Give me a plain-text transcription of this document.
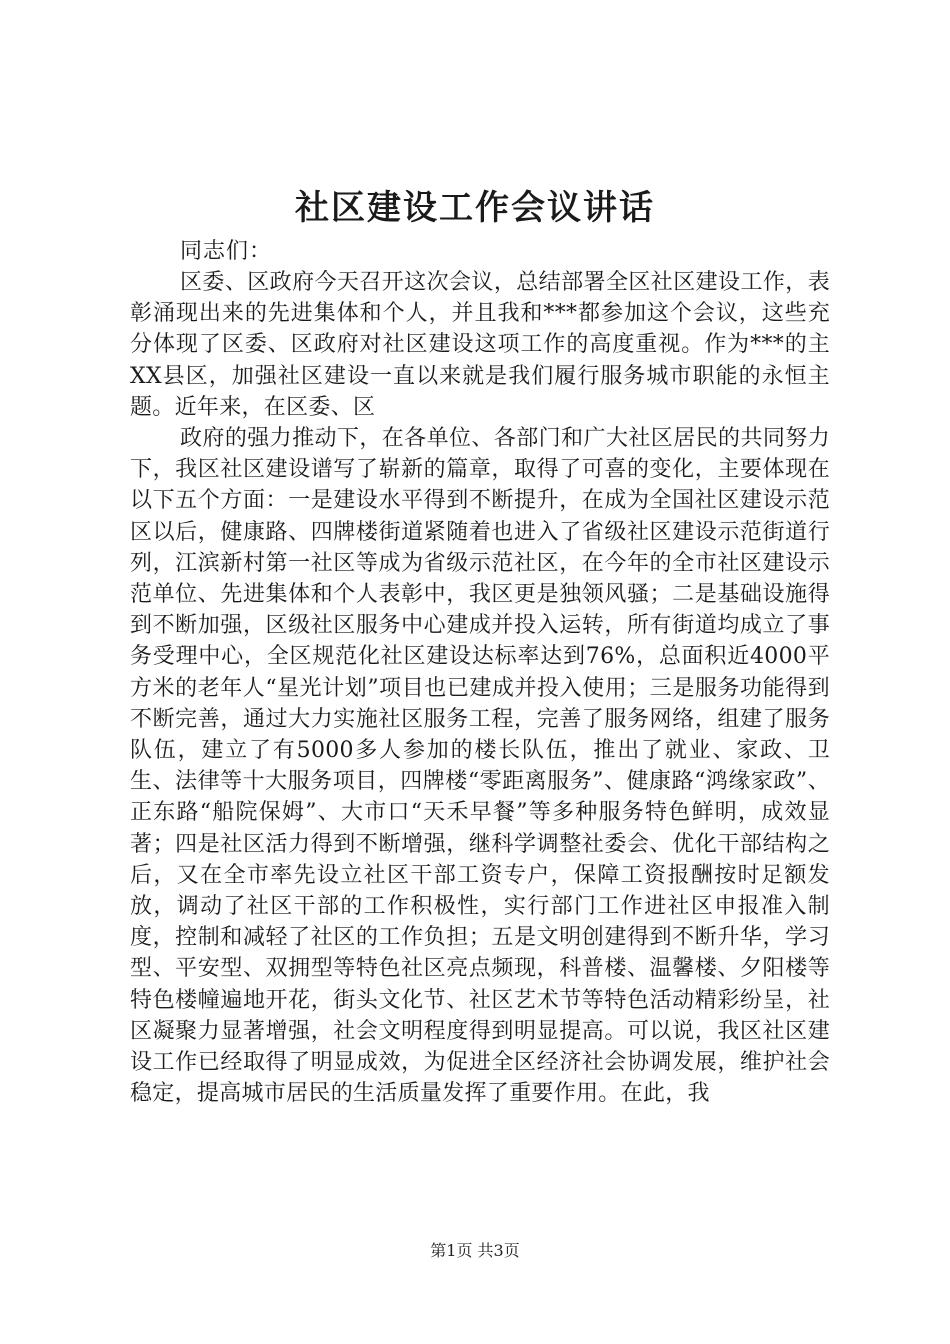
社区建设工作会议讲话

同志们：

区委、区政府今天召开这次会议，总结部署全区社区建设工作，表彰涌现出来的先进集体和个人，并且我和***都参加这个会议，这些充分体现了区委、区政府对社区建设这项工作的高度重视。作为***的主XX县区，加强社区建设一直以来就是我们履行服务城市职能的永恒主题。近年来，在区委、区

政府的强力推动下，在各单位、各部门和广大社区居民的共同努力下，我区社区建设谱写了崭新的篇章，取得了可喜的变化，主要体现在以下五个方面：一是建设水平得到不断提升，在成为全国社区建设示范区以后，健康路、四牌楼街道紧随着也进入了省级社区建设示范街道行列，江滨新村第一社区等成为省级示范社区，在今年的全市社区建设示范单位、先进集体和个人表彰中，我区更是独领风骚；二是基础设施得到不断加强，区级社区服务中心建成并投入运转，所有街道均成立了事务受理中心，全区规范化社区建设达标率达到76%，总面积近4000平方米的老年人“星光计划”项目也已建成并投入使用；三是服务功能得到不断完善，通过大力实施社区服务工程，完善了服务网络，组建了服务队伍，建立了有5000多人参加的楼长队伍，推出了就业、家政、卫生、法律等十大服务项目，四牌楼“零距离服务”、健康路“鸿缘家政”、正东路“船院保姆”、大市口“天禾早餐”等多种服务特色鲜明，成效显著；四是社区活力得到不断增强，继科学调整社委会、优化干部结构之后，又在全市率先设立社区干部工资专户，保障工资报酬按时足额发放，调动了社区干部的工作积极性，实行部门工作进社区申报准入制度，控制和减轻了社区的工作负担；五是文明创建得到不断升华，学习型、平安型、双拥型等特色社区亮点频现，科普楼、温馨楼、夕阳楼等特色楼幢遍地开花，街头文化节、社区艺术节等特色活动精彩纷呈，社区凝聚力显著增强，社会文明程度得到明显提高。可以说，我区社区建设工作已经取得了明显成效，为促进全区经济社会协调发展，维护社会稳定，提高城市居民的生活质量发挥了重要作用。在此，我

第1页 共3页
